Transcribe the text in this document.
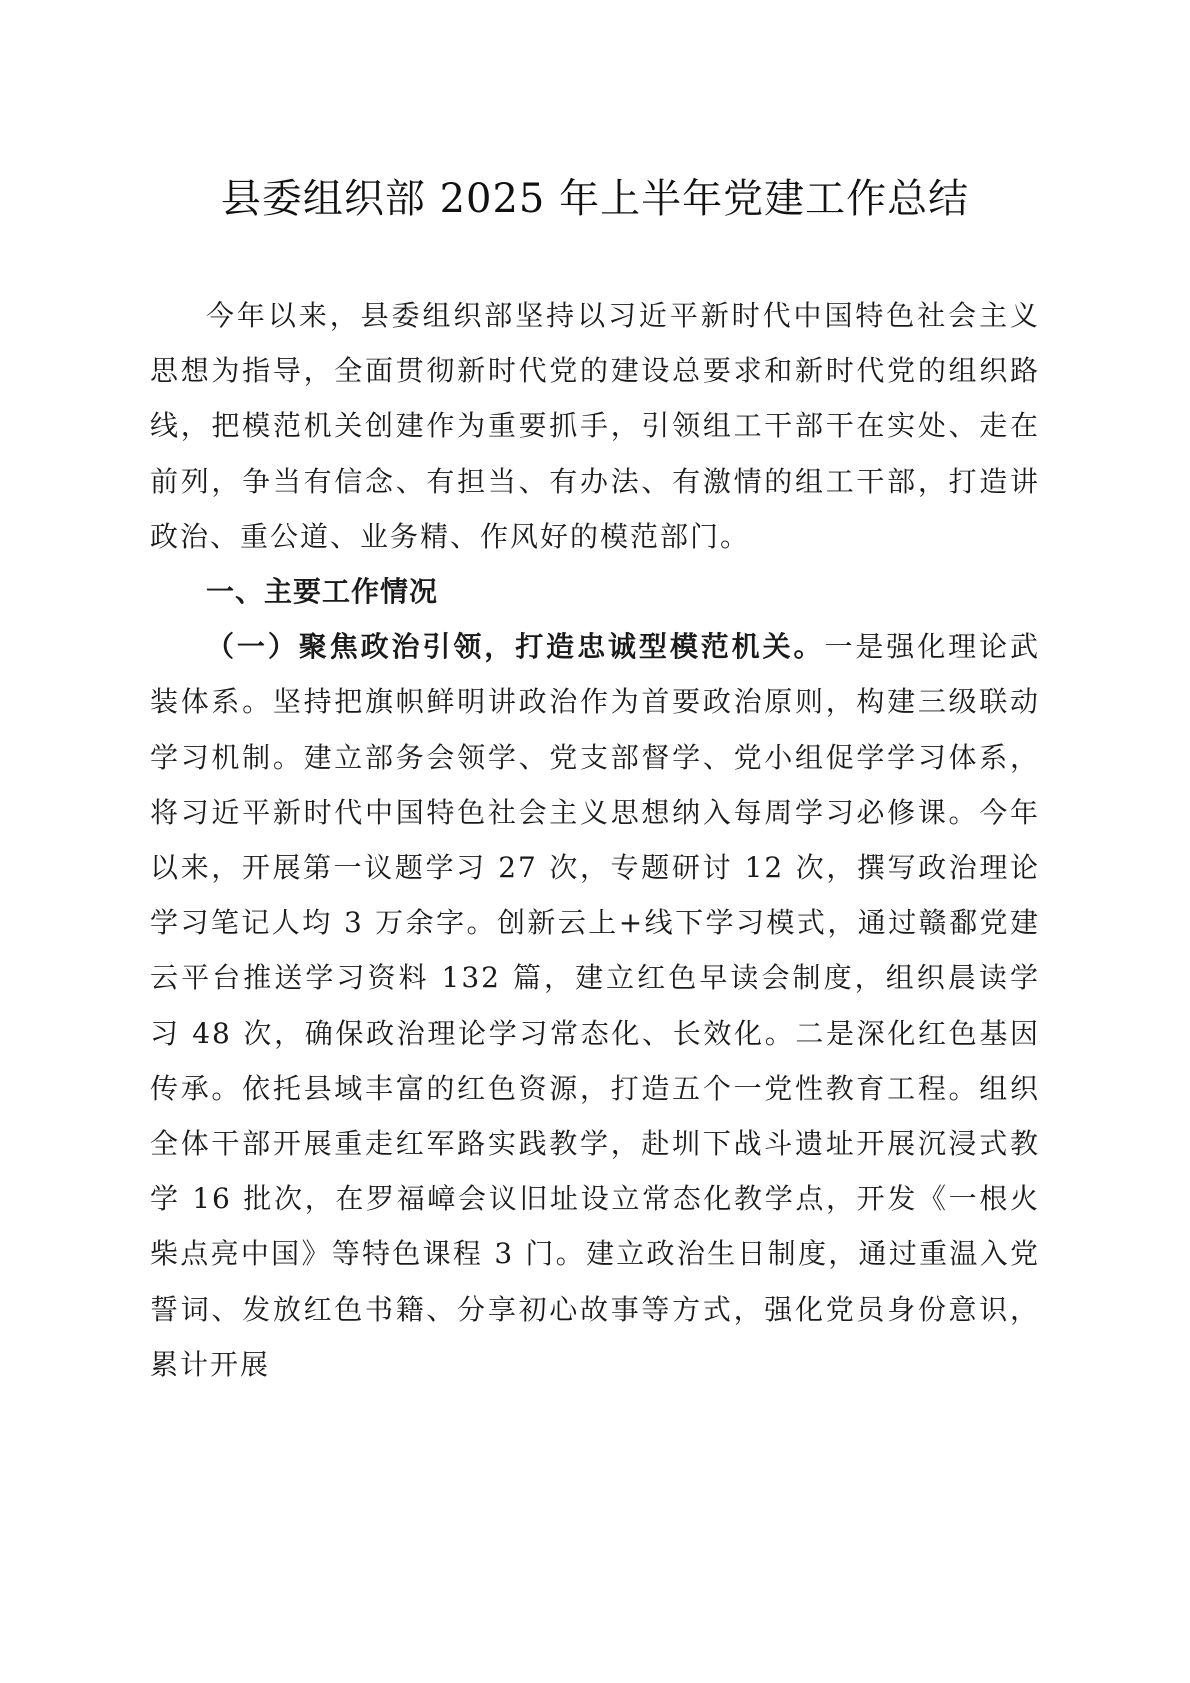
县委组织部 2025 年上半年党建工作总结

今年以来，县委组织部坚持以习近平新时代中国特色社会主义思想为指导，全面贯彻新时代党的建设总要求和新时代党的组织路线，把模范机关创建作为重要抓手，引领组工干部干在实处、走在前列，争当有信念、有担当、有办法、有激情的组工干部，打造讲政治、重公道、业务精、作风好的模范部门。

一、主要工作情况

（一）聚焦政治引领，打造忠诚型模范机关。一是强化理论武装体系。坚持把旗帜鲜明讲政治作为首要政治原则，构建三级联动学习机制。建立部务会领学、党支部督学、党小组促学学习体系，将习近平新时代中国特色社会主义思想纳入每周学习必修课。今年以来，开展第一议题学习 27 次，专题研讨 12 次，撰写政治理论学习笔记人均 3 万余字。创新云上+线下学习模式，通过赣鄱党建云平台推送学习资料 132 篇，建立红色早读会制度，组织晨读学习 48 次，确保政治理论学习常态化、长效化。二是深化红色基因传承。依托县域丰富的红色资源，打造五个一党性教育工程。组织全体干部开展重走红军路实践教学，赴圳下战斗遗址开展沉浸式教学 16 批次，在罗福嶂会议旧址设立常态化教学点，开发《一根火柴点亮中国》等特色课程 3 门。建立政治生日制度，通过重温入党誓词、发放红色书籍、分享初心故事等方式，强化党员身份意识，累计开展
